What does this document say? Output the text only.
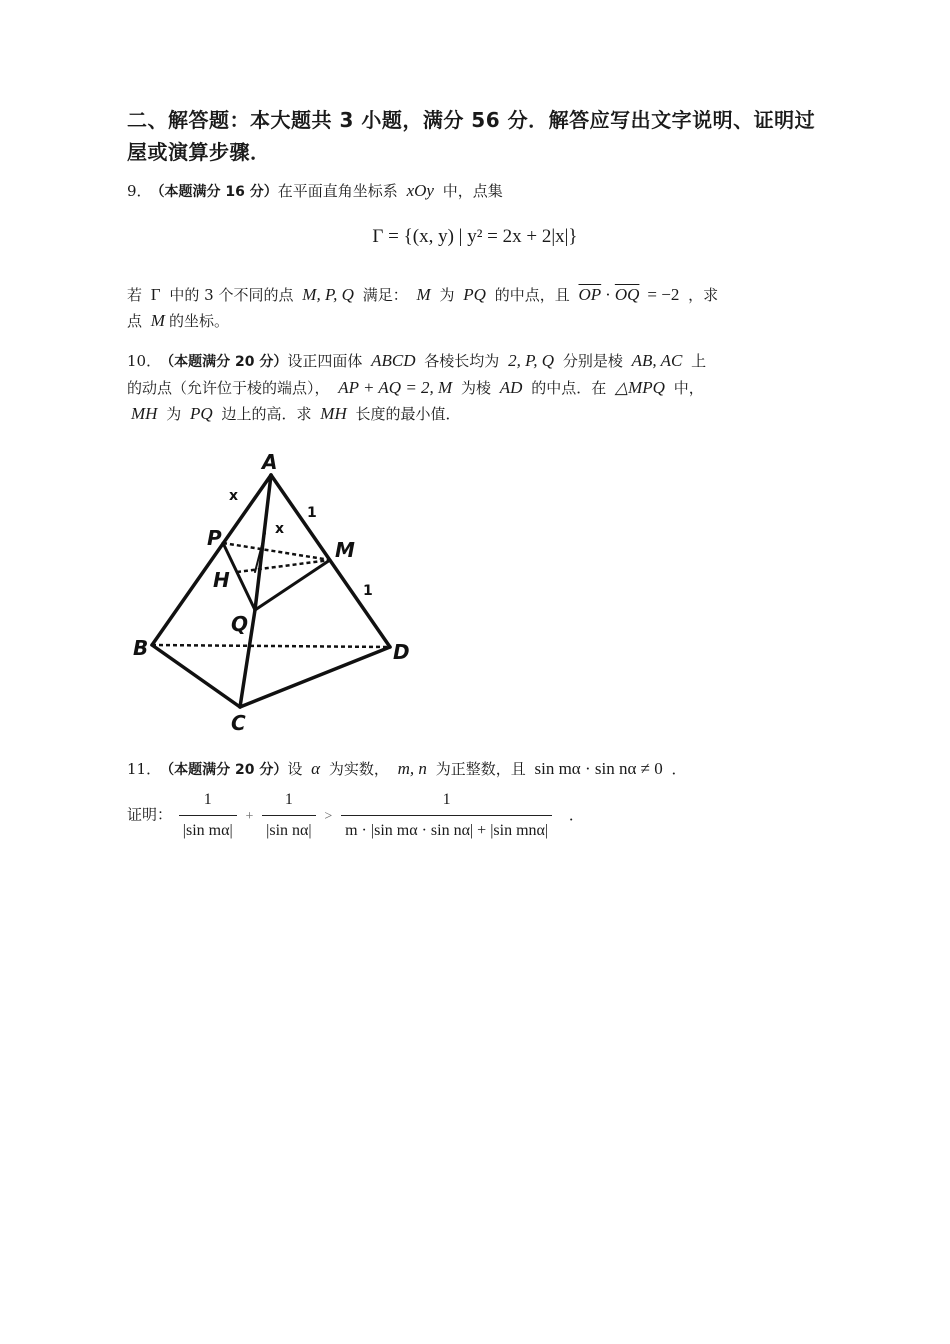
二、解答题：本大题共 3 小题，满分 56 分．解答应写出文字说明、证明过屋或演算步骤．
9． （本题满分 16 分）在平面直角坐标系 xOy 中，点集
Γ = {(x, y) | y² = 2x + 2|x|}
若 Γ 中的 3 个不同的点 M, P, Q 满足： M 为 PQ 的中点，且 $\overline{OP} \cdot \overline{OQ} = -2$ ，求
点 M 的坐标。
10． （本题满分 20 分）设正四面体 ABCD 各棱长均为 2, P, Q 分别是棱 AB, AC 上
的动点（允许位于棱的端点）， AP + AQ = 2, M 为棱 AD 的中点．在 △MPQ 中，
MH 为 PQ 边上的高．求 MH 长度的最小值．
A
B
C
D
P
Q
M
H
x
x
1
1
11． （本题满分 20 分）设 α 为实数， m, n 为正整数，且 sin mα · sin nα ≠ 0 ．
证明： $\frac{1}{\text{|sin mα|}} + \frac{1}{\text{|sin nα|}} > \frac{1}{\text{m · |sin mα · sin nα| + |sin mnα|}}$ ．
